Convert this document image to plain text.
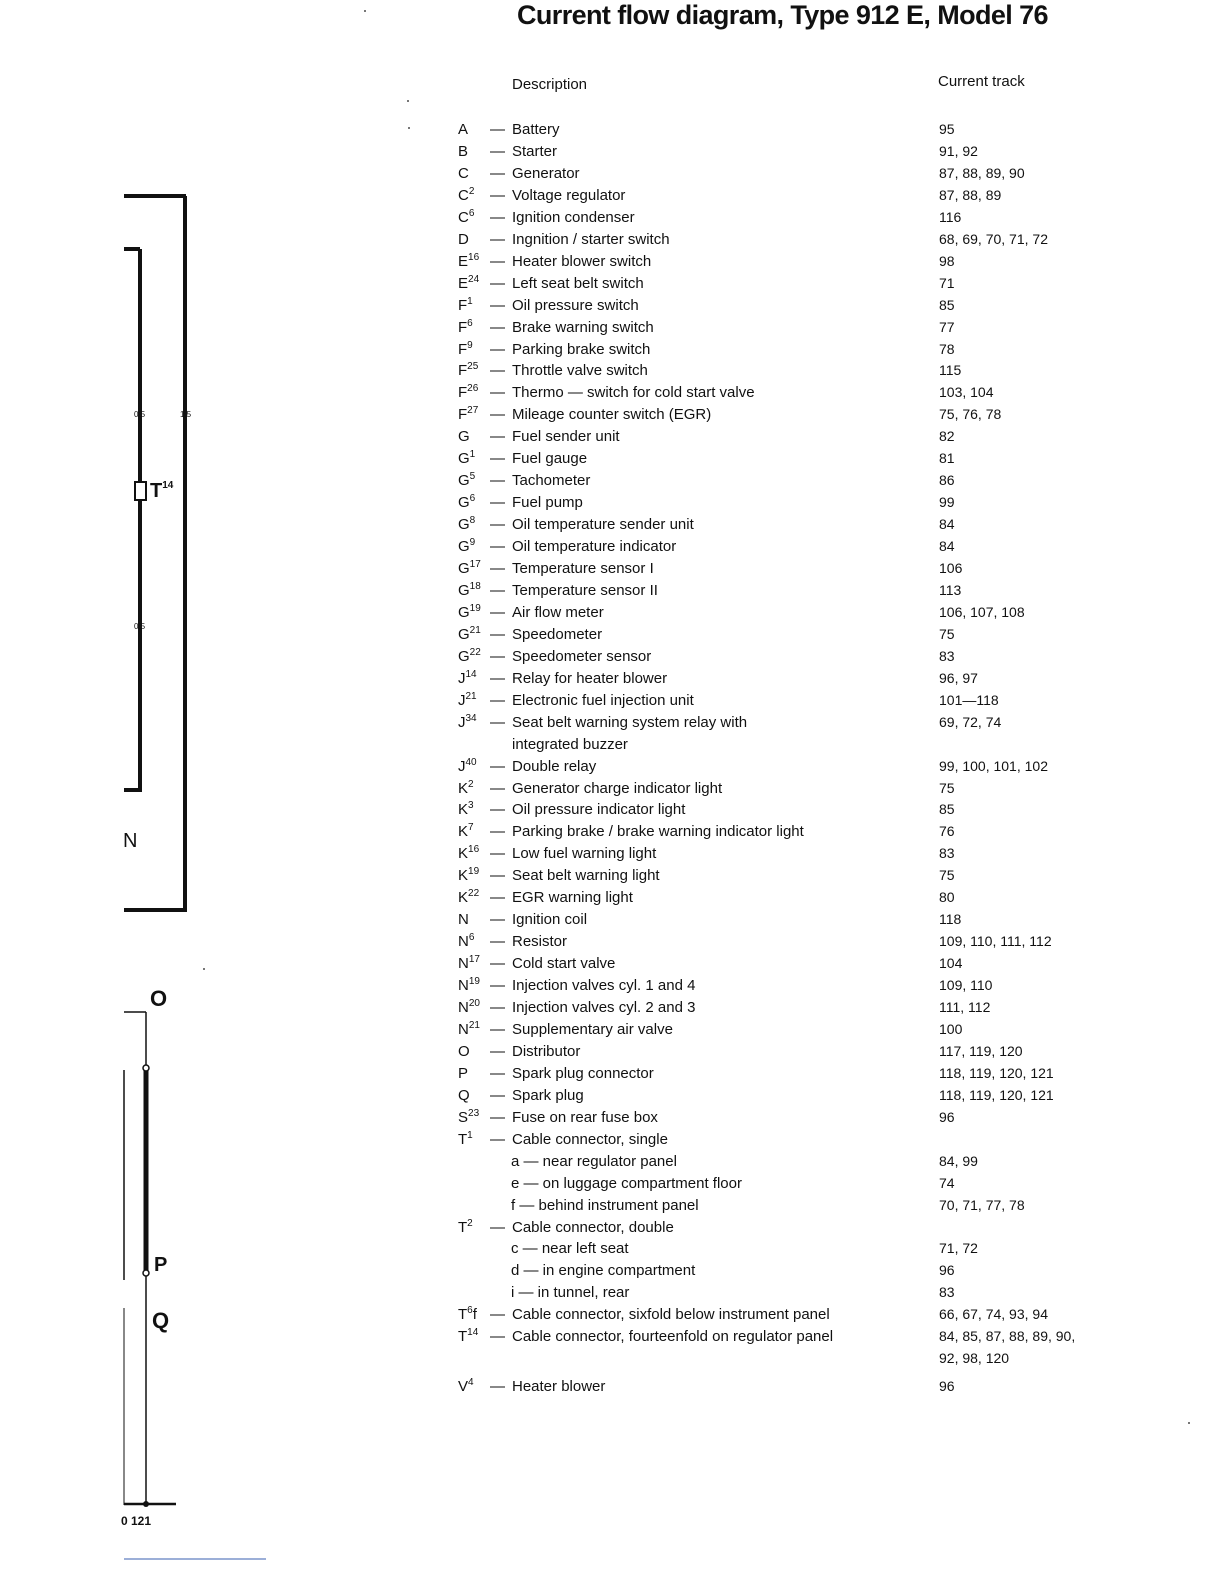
Current flow diagram, Type 912 E, Model 76
Description	Current track
$T^{14}$
N
O
P
Q
0 121
0,5	1,5
0,5
A — Battery	95
B — Starter	91, 92
C — Generator	87, 88, 89, 90
$C^2$ — Voltage regulator	87, 88, 89
$C^6$ — Ignition condenser	116
D — Ingnition / starter switch	68, 69, 70, 71, 72
$E^{16}$ — Heater blower switch	98
$E^{24}$ — Left seat belt switch	71
$F^1$ — Oil pressure switch	85
$F^6$ — Brake warning switch	77
$F^9$ — Parking brake switch	78
$F^{25}$ — Throttle valve switch	115
$F^{26}$ — Thermo — switch for cold start valve	103, 104
$F^{27}$ — Mileage counter switch (EGR)	75, 76, 78
G — Fuel sender unit	82
$G^1$ — Fuel gauge	81
$G^5$ — Tachometer	86
$G^6$ — Fuel pump	99
$G^8$ — Oil temperature sender unit	84
$G^9$ — Oil temperature indicator	84
$G^{17}$ — Temperature sensor I	106
$G^{18}$ — Temperature sensor II	113
$G^{19}$ — Air flow meter	106, 107, 108
$G^{21}$ — Speedometer	75
$G^{22}$ — Speedometer sensor	83
$J^{14}$ — Relay for heater blower	96, 97
$J^{21}$ — Electronic fuel injection unit	101—118
$J^{34}$ — Seat belt warning system relay with	69, 72, 74
integrated buzzer
$J^{40}$ — Double relay	99, 100, 101, 102
$K^2$ — Generator charge indicator light	75
$K^3$ — Oil pressure indicator light	85
$K^7$ — Parking brake / brake warning indicator light	76
$K^{16}$ — Low fuel warning light	83
$K^{19}$ — Seat belt warning light	75
$K^{22}$ — EGR warning light	80
N — Ignition coil	118
$N^6$ — Resistor	109, 110, 111, 112
$N^{17}$ — Cold start valve	104
$N^{19}$ — Injection valves cyl. 1 and 4	109, 110
$N^{20}$ — Injection valves cyl. 2 and 3	111, 112
$N^{21}$ — Supplementary air valve	100
O — Distributor	117, 119, 120
P — Spark plug connector	118, 119, 120, 121
Q — Spark plug	118, 119, 120, 121
$S^{23}$ — Fuse on rear fuse box	96
$T^1$ — Cable connector, single
a — near regulator panel	84, 99
e — on luggage compartment floor	74
f — behind instrument panel	70, 71, 77, 78
$T^2$ — Cable connector, double
c — near left seat	71, 72
d — in engine compartment	96
i — in tunnel, rear	83
$T^6f$ — Cable connector, sixfold below instrument panel	66, 67, 74, 93, 94
$T^{14}$ — Cable connector, fourteenfold on regulator panel	84, 85, 87, 88, 89, 90,
92, 98, 120
$V^4$ — Heater blower	96
